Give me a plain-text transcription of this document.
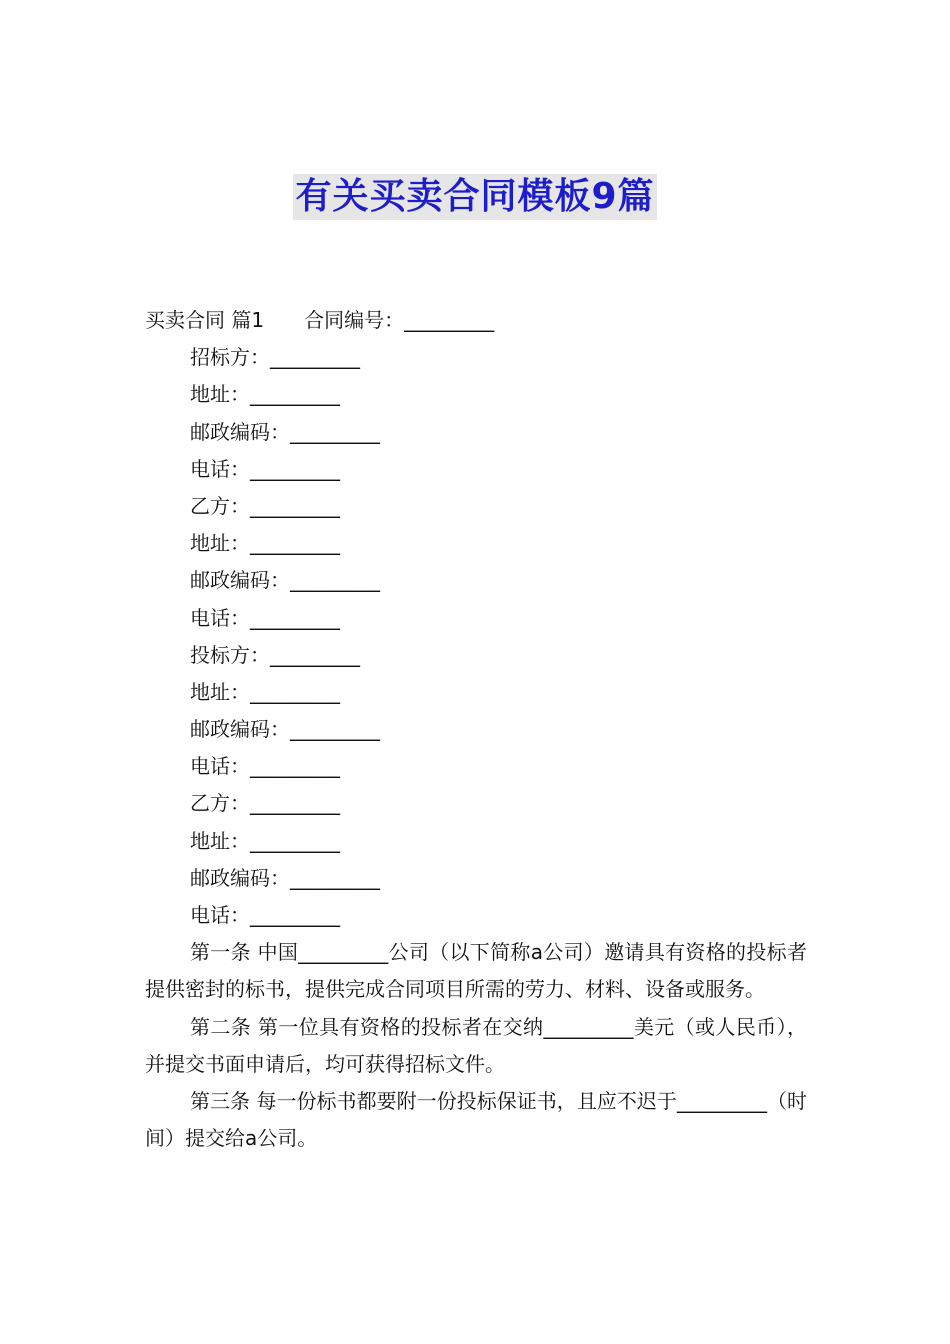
有关买卖合同模板9篇
买卖合同 篇1 合同编号：_________
招标方：_________
地址：_________
邮政编码：_________
电话：_________
乙方：_________
地址：_________
邮政编码：_________
电话：_________
投标方：_________
地址：_________
邮政编码：_________
电话：_________
乙方：_________
地址：_________
邮政编码：_________
电话：_________
第一条 中国_________公司（以下简称a公司）邀请具有资格的投标者提供密封的标书，提供完成合同项目所需的劳力、材料、设备或服务。
第二条 第一位具有资格的投标者在交纳_________美元（或人民币），并提交书面申请后，均可获得招标文件。
第三条 每一份标书都要附一份投标保证书，且应不迟于_________（时间）提交给a公司。
